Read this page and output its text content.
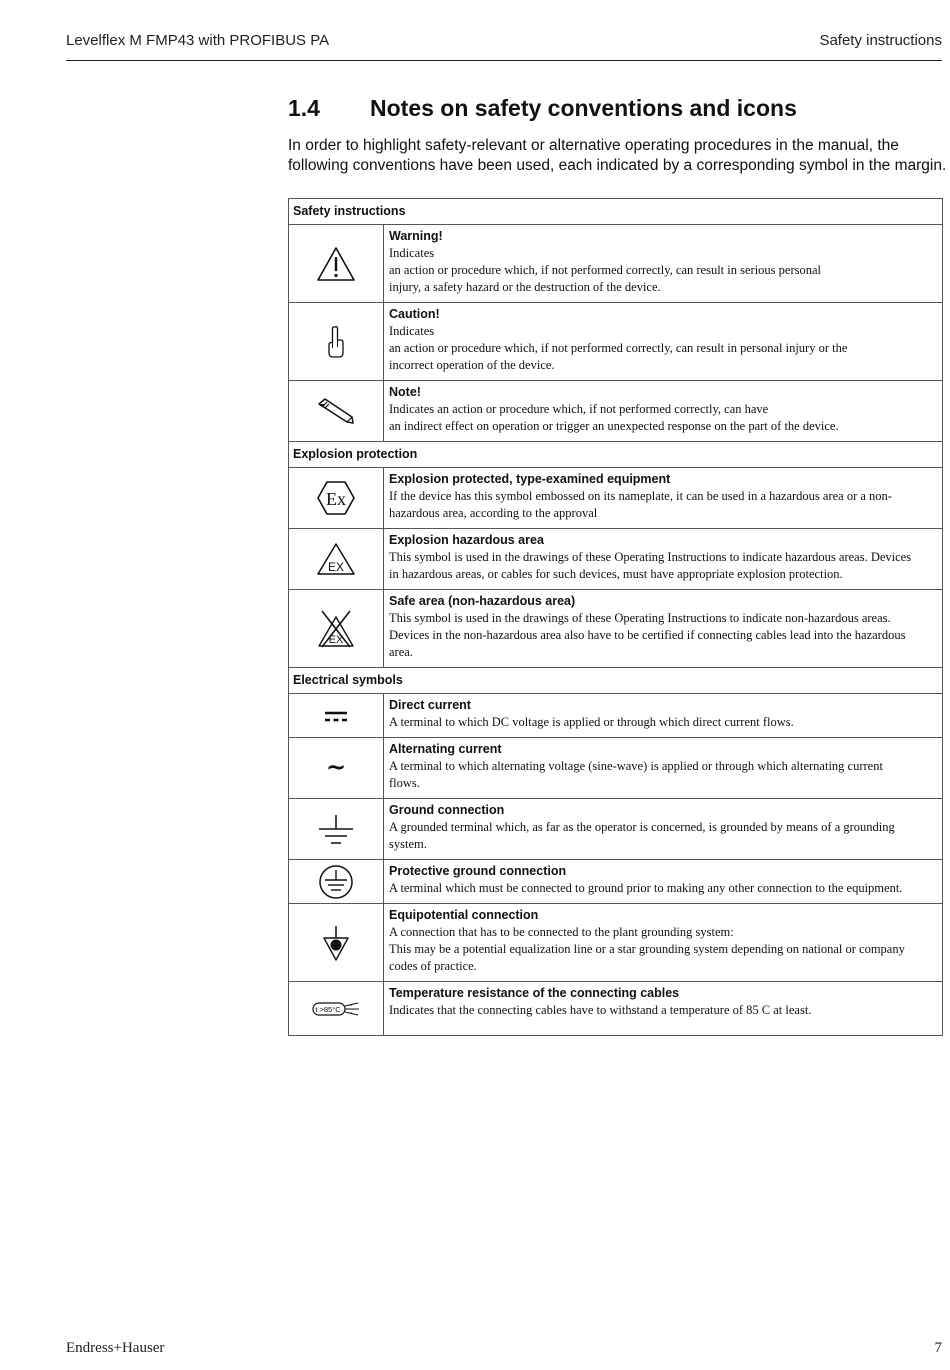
Levelflex M FMP43 with PROFIBUS PA	Safety instructions
1.4 Notes on safety conventions and icons
In order to highlight safety-relevant or alternative operating procedures in the manual, the following conventions have been used, each indicated by a corresponding symbol in the margin.
Safety instructions	

Warning!
Indicates
an action or procedure which, if not performed correctly, can result in serious personal
injury, a safety hazard or the destruction of the device.

Caution!
Indicates
an action or procedure which, if not performed correctly, can result in personal injury or the
incorrect operation of the device.

Note!
Indicates an action or procedure which, if not performed correctly, can have
an indirect effect on operation or trigger an unexpected response on the part of the device.

Explosion protection	

Ex	Explosion protected, type-examined equipment
If the device has this symbol embossed on its nameplate, it can be used in a hazardous area or a non-
hazardous area, according to the approval

EX	Explosion hazardous area
This symbol is used in the drawings of these Operating Instructions to indicate hazardous areas. Devices
in hazardous areas, or cables for such devices, must have appropriate explosion protection.

EX	Safe area (non-hazardous area)
This symbol is used in the drawings of these Operating Instructions to indicate non-hazardous areas.
Devices in the non-hazardous area also have to be certified if connecting cables lead into the hazardous
area.

Electrical symbols	

Direct current
A terminal to which DC voltage is applied or through which direct current flows.

~	Alternating current
A terminal to which alternating voltage (sine-wave) is applied or through which alternating current
flows.

Ground connection
A grounded terminal which, as far as the operator is concerned, is grounded by means of a grounding
system.

Protective ground connection
A terminal which must be connected to ground prior to making any other connection to the equipment.

Equipotential connection
A connection that has to be connected to the plant grounding system:
This may be a potential equalization line or a star grounding system depending on national or company
codes of practice.

t >85°C	Temperature resistance of the connecting cables
Indicates that the connecting cables have to withstand a temperature of 85 C at least.
Endress+Hauser	7
